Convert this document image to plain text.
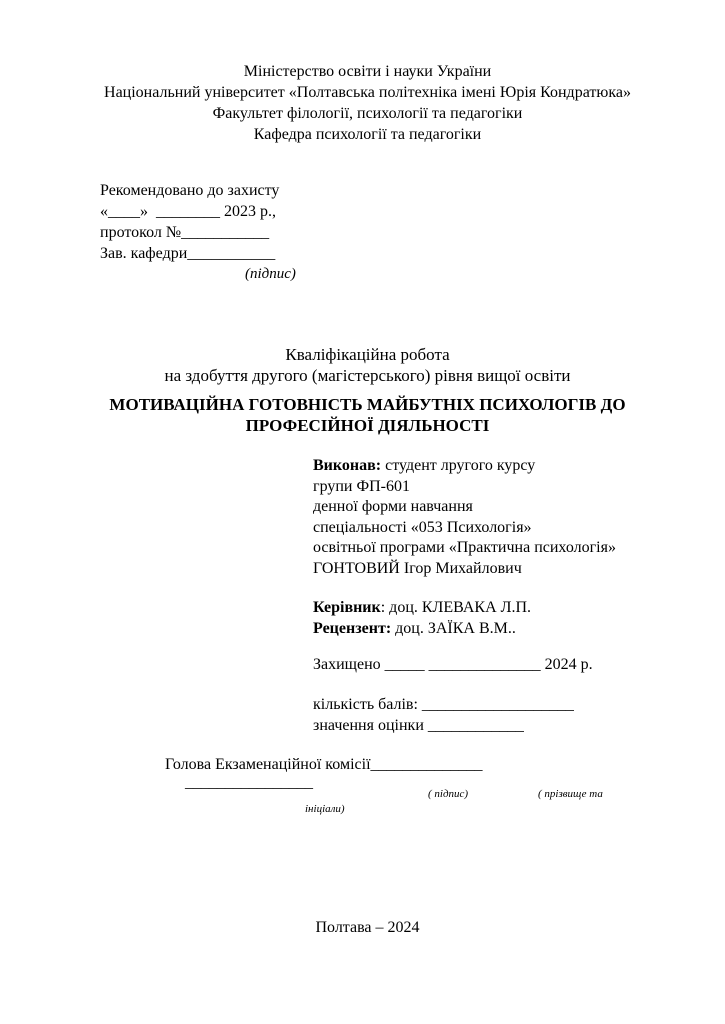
Міністерство освіти і науки України
Національний університет «Полтавська політехніка імені Юрія Кондратюка»
Факультет філології, психології та педагогіки
Кафедра психології та педагогіки
Рекомендовано до захисту
«____»  ________ 2023 р.,
протокол №___________
Зав. кафедри___________
(підпис)
Кваліфікаційна робота
на здобуття другого (магістерського) рівня вищої освіти
МОТИВАЦІЙНА ГОТОВНІСТЬ МАЙБУТНІХ ПСИХОЛОГІВ ДО
ПРОФЕСІЙНОЇ ДІЯЛЬНОСТІ
Виконав: студент лругого курсу
групи ФП-601
денної форми навчання
спеціальності «053 Психологія»
освітньої програми «Практична психологія»
ГОНТОВИЙ Ігор Михайлович
Керівник: доц. КЛЕВАКА Л.П.
Рецензент: доц. ЗАЇКА В.М..
Захищено _____ ______________ 2024 р.
кількість балів: ___________________
значення оцінки ____________
Голова Екзаменаційної комісії______________
________________
( підпис)	( прізвище та
ініціали)
Полтава – 2024
